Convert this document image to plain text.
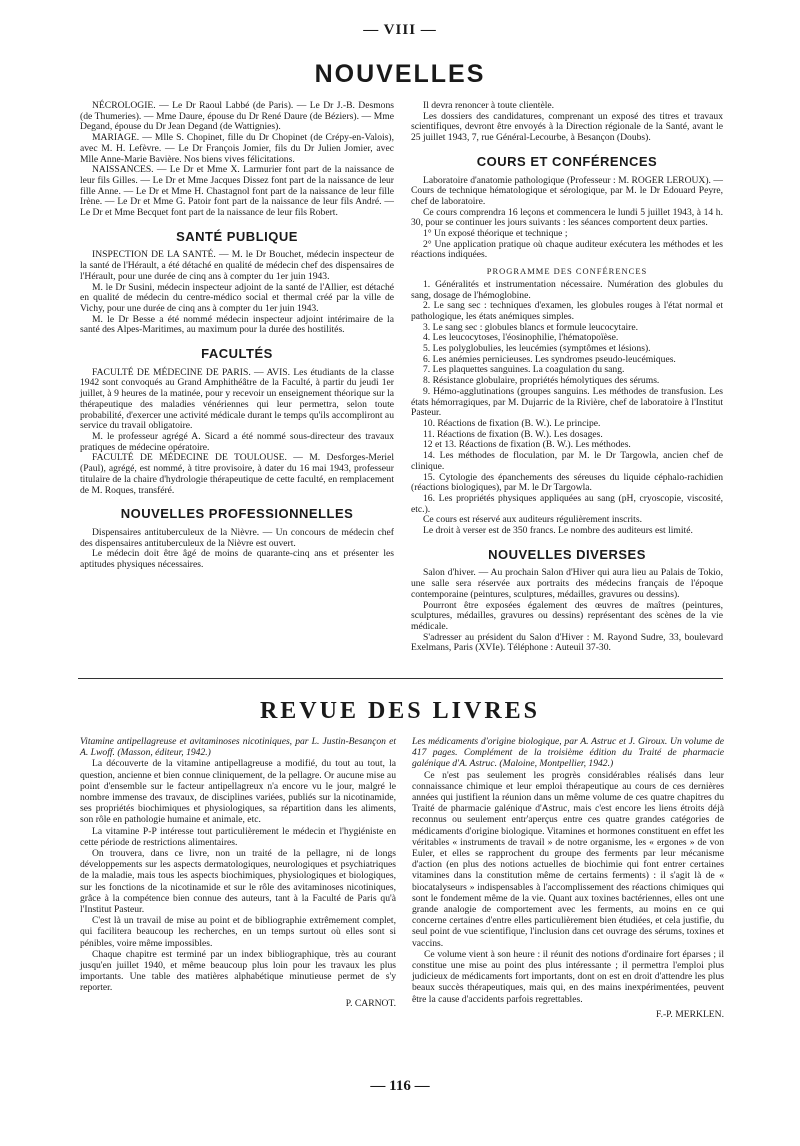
— VIII —
NOUVELLES

NÉCROLOGIE. — Le Dr Raoul Labbé (de Paris). — Le Dr J.-B. Desmons (de Thumeries). — Mme Daure, épouse du Dr René Daure (de Béziers). — Mme Degand, épouse du Dr Jean Degand (de Wattignies).

MARIAGE. — Mlle S. Chopinet, fille du Dr Chopinet (de Crépy-en-Valois), avec M. H. Lefèvre. — Le Dr François Jomier, fils du Dr Julien Jomier, avec Mlle Anne-Marie Bavière. Nos biens vives félicitations.

NAISSANCES. — Le Dr et Mme X. Larmurier font part de la naissance de leur fils Gilles. — Le Dr et Mme Jacques Dissez font part de la naissance de leur fille Anne. — Le Dr et Mme H. Chastagnol font part de la naissance de leur fille Irène. — Le Dr et Mme G. Patoir font part de la naissance de leur fils André. — Le Dr et Mme Becquet font part de la naissance de leur fils Robert.

SANTÉ PUBLIQUE

INSPECTION DE LA SANTÉ. — M. le Dr Bouchet, médecin inspecteur de la santé de l'Hérault, a été détaché en qualité de médecin chef des dispensaires de l'Hérault, pour une durée de cinq ans à compter du 1er juin 1943.

M. le Dr Susini, médecin inspecteur adjoint de la santé de l'Allier, est détaché en qualité de médecin du centre-médico social et thermal créé par la ville de Vichy, pour une durée de cinq ans à compter du 1er juin 1943.

M. le Dr Besse a été nommé médecin inspecteur adjoint intérimaire de la santé des Alpes-Maritimes, au maximum pour la durée des hostilités.

FACULTÉS

FACULTÉ DE MÉDECINE DE PARIS. — AVIS. Les étudiants de la classe 1942 sont convoqués au Grand Amphithéâtre de la Faculté, à partir du jeudi 1er juillet, à 9 heures de la matinée, pour y recevoir un enseignement théorique sur la thérapeutique des maladies vénériennes qui leur permettra, selon toute probabilité, d'exercer une activité médicale durant le temps qu'ils accompliront au service du travail obligatoire.

M. le professeur agrégé A. Sicard a été nommé sous-directeur des travaux pratiques de médecine opératoire.

FACULTÉ DE MÉDECINE DE TOULOUSE. — M. Desforges-Meriel (Paul), agrégé, est nommé, à titre provisoire, à dater du 16 mai 1943, professeur titulaire de la chaire d'hydrologie thérapeutique de cette faculté, en remplacement de M. Roques, transféré.

NOUVELLES PROFESSIONNELLES

Dispensaires antituberculeux de la Nièvre. — Un concours de médecin chef des dispensaires antituberculeux de la Nièvre est ouvert.

Le médecin doit être âgé de moins de quarante-cinq ans et présenter les aptitudes physiques nécessaires.

Il devra renoncer à toute clientèle.

Les dossiers des candidatures, comprenant un exposé des titres et travaux scientifiques, devront être envoyés à la Direction régionale de la Santé, avant le 25 juillet 1943, 7, rue Général-Lecourbe, à Besançon (Doubs).

COURS ET CONFÉRENCES

Laboratoire d'anatomie pathologique (Professeur : M. ROGER LEROUX). — Cours de technique hématologique et sérologique, par M. le Dr Edouard Peyre, chef de laboratoire.

Ce cours comprendra 16 leçons et commencera le lundi 5 juillet 1943, à 14 h. 30, pour se continuer les jours suivants : les séances comportent deux parties.

1° Un exposé théorique et technique ;

2° Une application pratique où chaque auditeur exécutera les méthodes et les réactions indiquées.

PROGRAMME DES CONFÉRENCES
1. Généralités et instrumentation nécessaire. Numération des globules du sang, dosage de l'hémoglobine.
2. Le sang sec : techniques d'examen, les globules rouges à l'état normal et pathologique, les états anémiques simples.
3. Le sang sec : globules blancs et formule leucocytaire.
4. Les leucocytoses, l'éosinophilie, l'hématopoïèse.
5. Les polyglobulies, les leucémies (symptômes et lésions).
6. Les anémies pernicieuses. Les syndromes pseudo-leucémiques.
7. Les plaquettes sanguines. La coagulation du sang.
8. Résistance globulaire, propriétés hémolytiques des sérums.
9. Hémo-agglutinations (groupes sanguins. Les méthodes de transfusion. Les états hémorragiques, par M. Dujarric de la Rivière, chef de laboratoire à l'Institut Pasteur.
10. Réactions de fixation (B. W.). Le principe.
11. Réactions de fixation (B. W.). Les dosages.
12 et 13. Réactions de fixation (B. W.). Les méthodes.
14. Les méthodes de floculation, par M. le Dr Targowla, ancien chef de clinique.
15. Cytologie des épanchements des séreuses du liquide céphalo-rachidien (réactions biologiques), par M. le Dr Targowla.
16. Les propriétés physiques appliquées au sang (pH, cryoscopie, viscosité, etc.).

Ce cours est réservé aux auditeurs régulièrement inscrits.

Le droit à verser est de 350 francs. Le nombre des auditeurs est limité.

NOUVELLES DIVERSES

Salon d'hiver. — Au prochain Salon d'Hiver qui aura lieu au Palais de Tokio, une salle sera réservée aux portraits des médecins français de l'époque contemporaine (peintures, sculptures, médailles, gravures ou dessins).

Pourront être exposées également des œuvres de maîtres (peintures, sculptures, médailles, gravures ou dessins) représentant des scènes de la vie médicale.

S'adresser au président du Salon d'Hiver : M. Rayond Sudre, 33, boulevard Exelmans, Paris (XVIe). Téléphone : Auteuil 37-30.

REVUE DES LIVRES

Vitamine antipellagreuse et avitaminoses nicotiniques, par L. Justin-Besançon et A. Lwoff. (Masson, éditeur, 1942.)

La découverte de la vitamine antipellagreuse a modifié, du tout au tout, la question, ancienne et bien connue cliniquement, de la pellagre. Or aucune mise au point d'ensemble sur le facteur antipellagreux n'a encore vu le jour, malgré le nombre immense des travaux, de disciplines variées, publiés sur la nicotinamide, ses propriétés biochimiques et physiologiques, sa répartition dans les aliments, son rôle en pathologie humaine et animale, etc.

La vitamine P-P intéresse tout particulièrement le médecin et l'hygiéniste en cette période de restrictions alimentaires.

On trouvera, dans ce livre, non un traité de la pellagre, ni de longs développements sur les aspects dermatologiques, neurologiques et psychiatriques de la maladie, mais tous les aspects biochimiques, physiologiques et biologiques, sur les fonctions de la nicotinamide et sur le rôle des avitaminoses nicotiniques, grâce à la compétence bien connue des auteurs, tant à la Faculté de Paris qu'à l'Institut Pasteur.

C'est là un travail de mise au point et de bibliographie extrêmement complet, qui facilitera beaucoup les recherches, en un temps surtout où elles sont si pénibles, voire même impossibles.

Chaque chapitre est terminé par un index bibliographique, très au courant jusqu'en juillet 1940, et même beaucoup plus loin pour les travaux les plus importants. Une table des matières alphabétique minutieuse permet de s'y reporter.

P. CARNOT.

Les médicaments d'origine biologique, par A. Astruc et J. Giroux. Un volume de 417 pages. Complément de la troisième édition du Traité de pharmacie galénique d'A. Astruc. (Maloine, Montpellier, 1942.)

Ce n'est pas seulement les progrès considérables réalisés dans leur connaissance chimique et leur emploi thérapeutique au cours de ces dernières années qui justifient la réunion dans un même volume de ces quatre chapitres du Traité de pharmacie galénique d'Astruc, mais c'est encore les liens étroits déjà reconnus ou seulement entr'aperçus entre ces quatre grandes catégories de médicaments d'origine biologique. Vitamines et hormones constituent en effet les véritables « instruments de travail » de notre organisme, les « ergones » de von Euler, et elles se rapprochent du groupe des ferments par leur mécanisme d'action (en plus des notions actuelles de biochimie qui font entrer certaines vitamines dans la constitution même de certains ferments) : il s'agit là de « biocatalyseurs » indispensables à l'accomplissement des réactions chimiques qui sont le fondement même de la vie. Quant aux toxines bactériennes, elles ont une grande analogie de comportement avec les ferments, au moins en ce qui concerne certaines d'entre elles particulièrement bien étudiées, et cela justifie, du seul point de vue scientifique, l'inclusion dans cet ouvrage des sérums, toxines et vaccins.

Ce volume vient à son heure : il réunit des notions d'ordinaire fort éparses ; il constitue une mise au point des plus intéressante ; il permettra l'emploi plus judicieux de médicaments fort importants, dont on est en droit d'attendre les plus beaux succès thérapeutiques, mais qui, en des mains inexpérimentées, peuvent être la cause d'accidents parfois regrettables.

F.-P. MERKLEN.

— 116 —
